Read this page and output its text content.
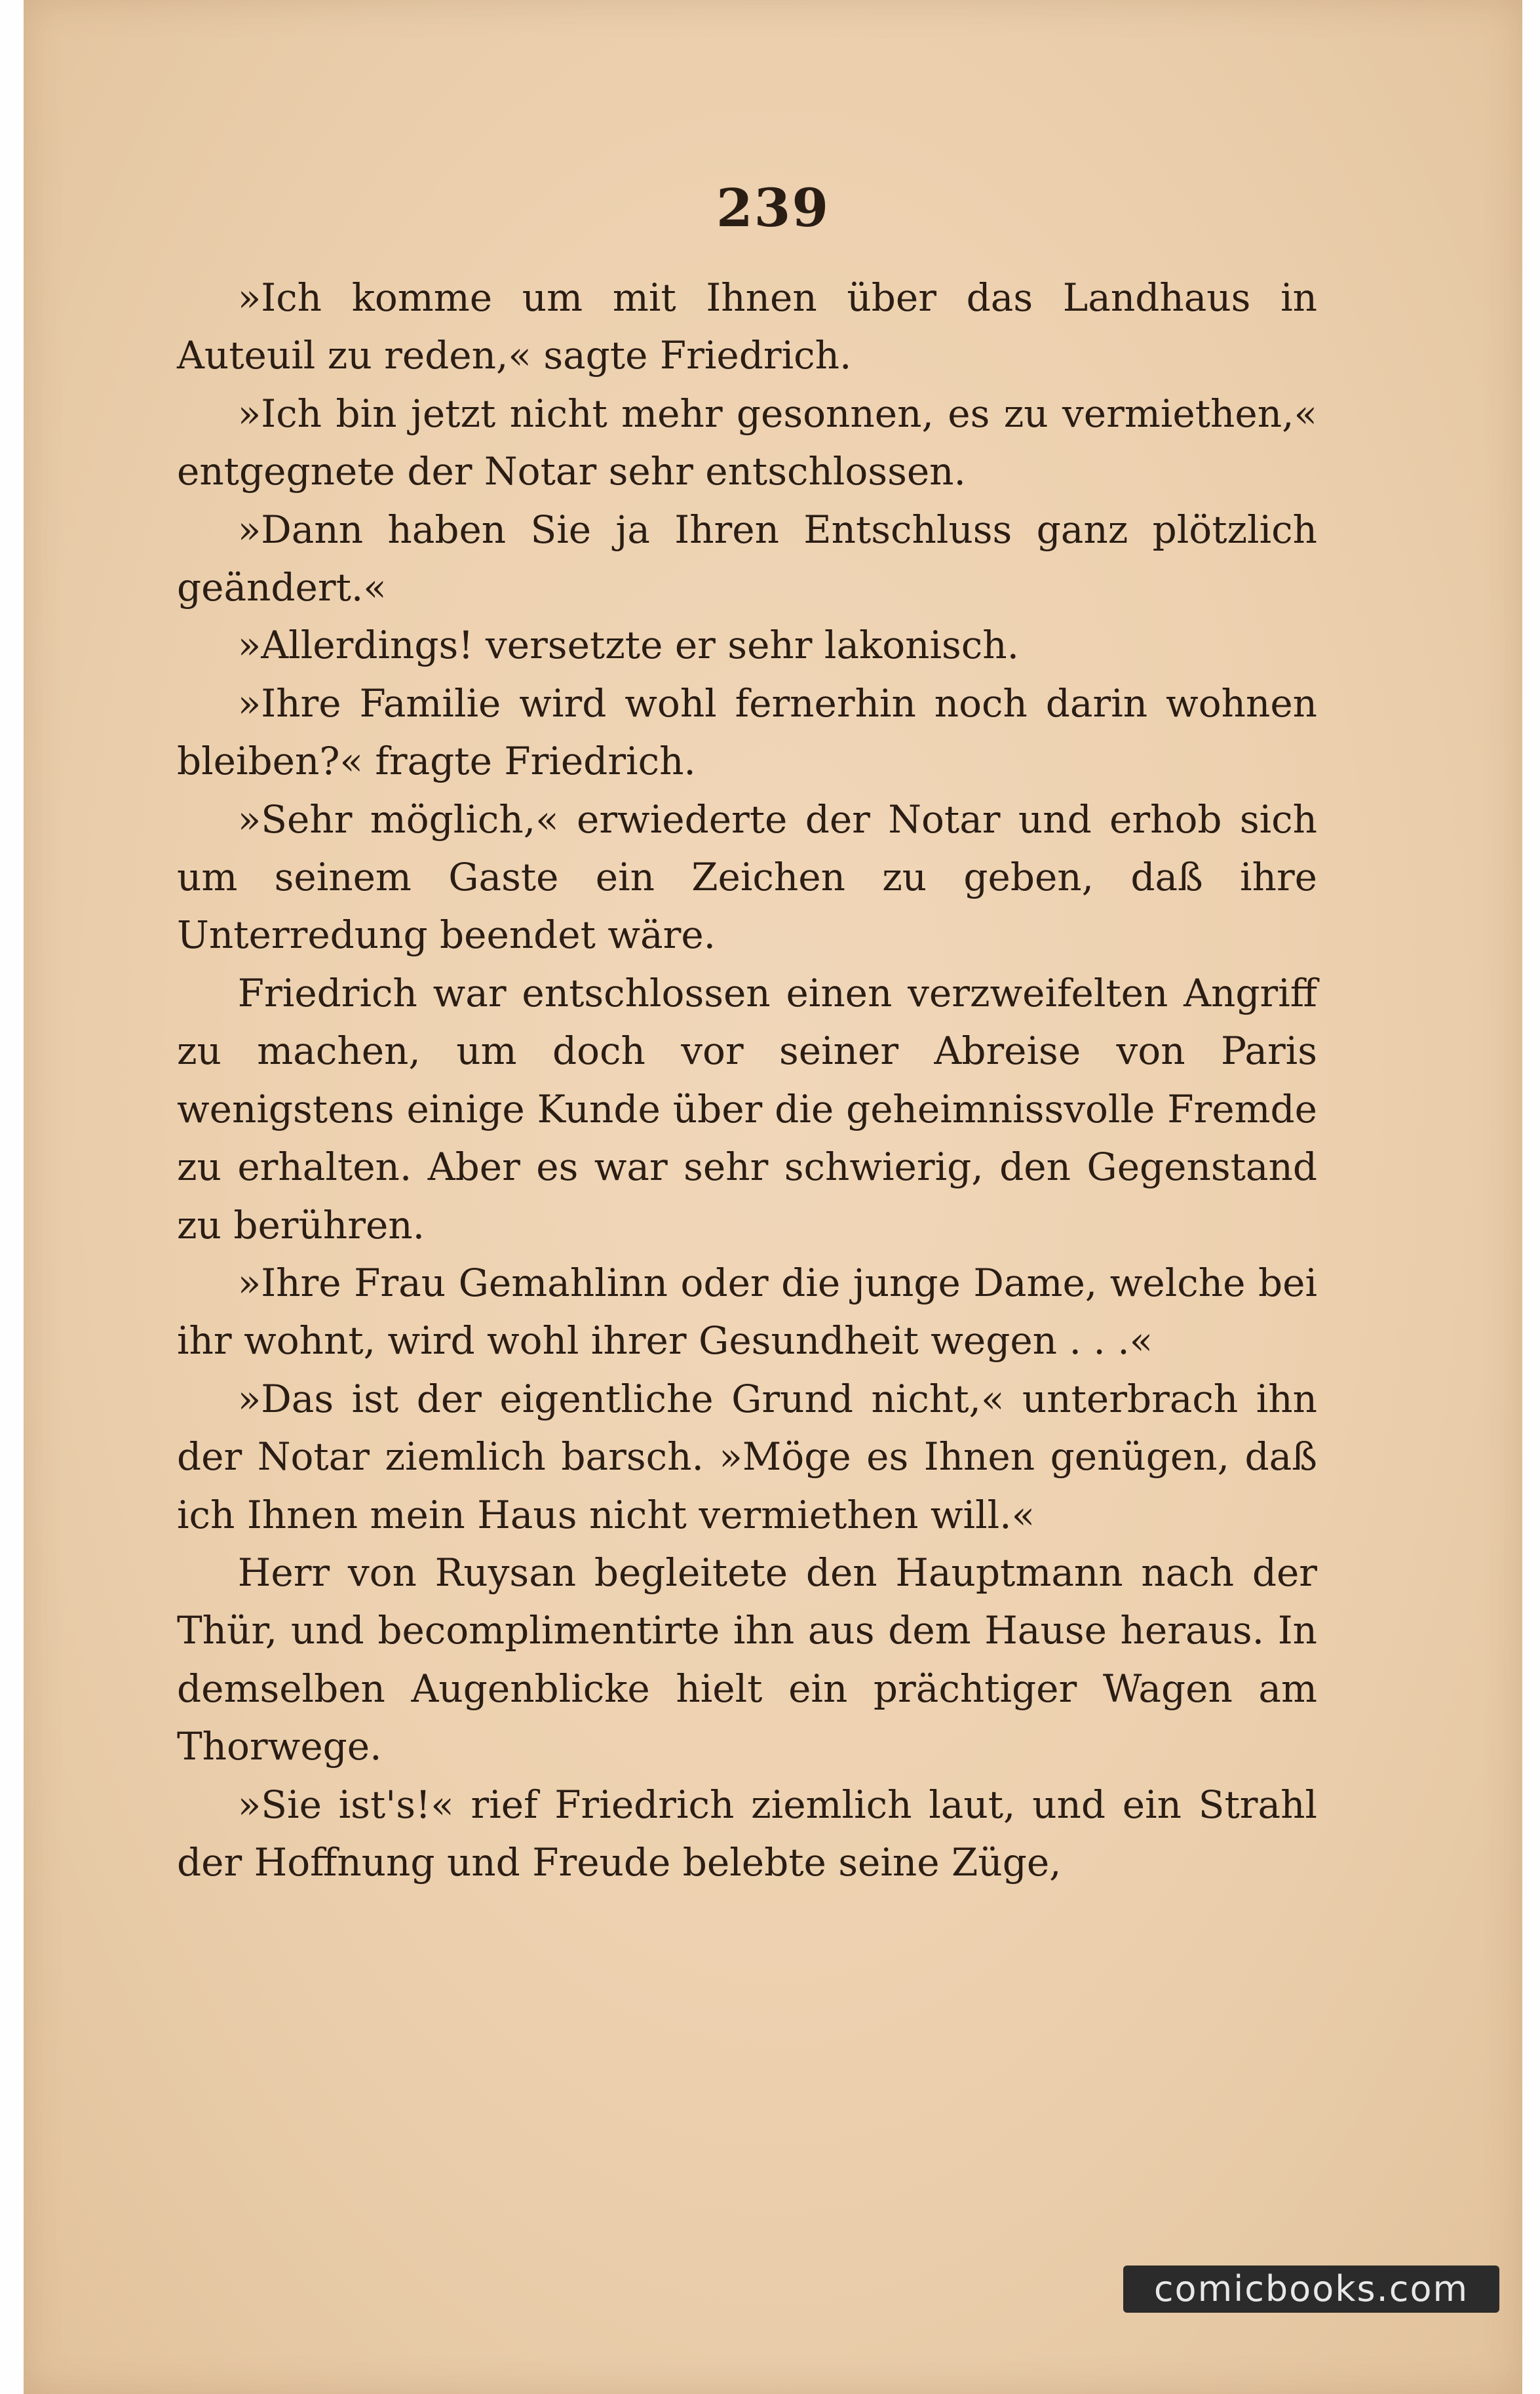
239

»Ich komme um mit Ihnen über das Landhaus in Auteuil zu reden,« sagte Friedrich.

»Ich bin jetzt nicht mehr gesonnen, es zu vermiethen,« entgegnete der Notar sehr entschlossen.

»Dann haben Sie ja Ihren Entschluss ganz plötzlich geändert.«

»Allerdings! versetzte er sehr lakonisch.

»Ihre Familie wird wohl fernerhin noch darin wohnen bleiben?« fragte Friedrich.

»Sehr möglich,« erwiederte der Notar und erhob sich um seinem Gaste ein Zeichen zu geben, daß ihre Unterredung beendet wäre.

Friedrich war entschlossen einen verzweifelten Angriff zu machen, um doch vor seiner Abreise von Paris wenigstens einige Kunde über die geheimnissvolle Fremde zu erhalten. Aber es war sehr schwierig, den Gegenstand zu berühren.

»Ihre Frau Gemahlinn oder die junge Dame, welche bei ihr wohnt, wird wohl ihrer Gesundheit wegen . . .«

»Das ist der eigentliche Grund nicht,« unterbrach ihn der Notar ziemlich barsch. »Möge es Ihnen genügen, daß ich Ihnen mein Haus nicht vermiethen will.«

Herr von Ruysan begleitete den Hauptmann nach der Thür, und becomplimentirte ihn aus dem Hause heraus. In demselben Augenblicke hielt ein prächtiger Wagen am Thorwege.

»Sie ist's!« rief Friedrich ziemlich laut, und ein Strahl der Hoffnung und Freude belebte seine Züge,

comicbooks.com
